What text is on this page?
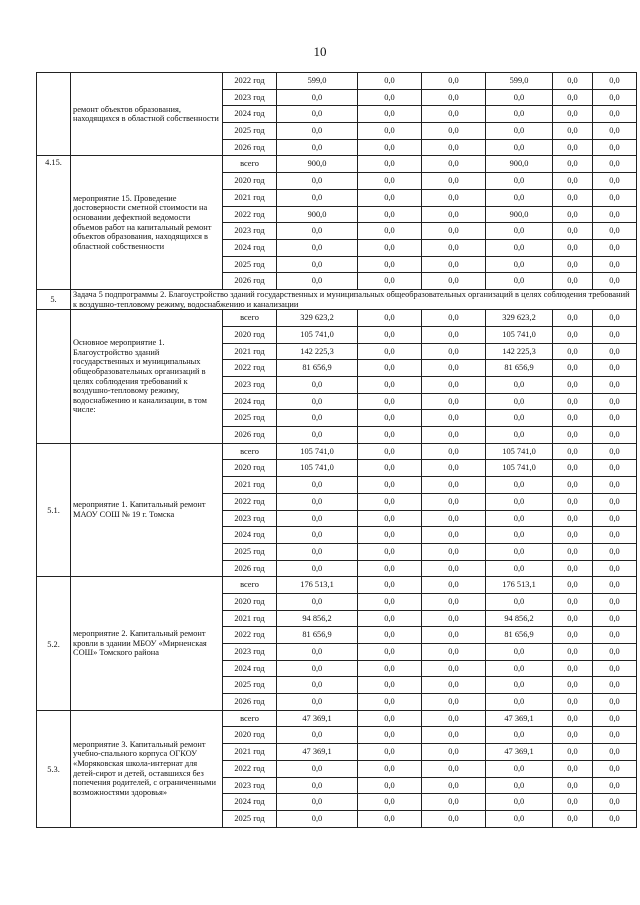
10
	ремонт объектов образования, находящихся в областной собственности	2022 год	599,0	0,0	0,0	599,0	0,0	0,0
		2023 год	0,0	0,0	0,0	0,0	0,0	0,0
		2024 год	0,0	0,0	0,0	0,0	0,0	0,0
		2025 год	0,0	0,0	0,0	0,0	0,0	0,0
		2026 год	0,0	0,0	0,0	0,0	0,0	0,0
4.15.	мероприятие 15. Проведение достоверности сметной стоимости на основании дефектной ведомости объемов работ на капитальный ремонт объектов образования, находящихся в областной собственности	всего	900,0	0,0	0,0	900,0	0,0	0,0
		2020 год	0,0	0,0	0,0	0,0	0,0	0,0
		2021 год	0,0	0,0	0,0	0,0	0,0	0,0
		2022 год	900,0	0,0	0,0	900,0	0,0	0,0
		2023 год	0,0	0,0	0,0	0,0	0,0	0,0
		2024 год	0,0	0,0	0,0	0,0	0,0	0,0
		2025 год	0,0	0,0	0,0	0,0	0,0	0,0
		2026 год	0,0	0,0	0,0	0,0	0,0	0,0
5.	Задача 5 подпрограммы 2. Благоустройство зданий государственных и муниципальных общеобразовательных организаций в целях соблюдения требований к воздушно-тепловому режиму, водоснабжению и канализации							
	Основное мероприятие 1. Благоустройство зданий государственных и муниципальных общеобразовательных организаций в целях соблюдения требований к воздушно-тепловому режиму, водоснабжению и канализации, в том числе:	всего	329 623,2	0,0	0,0	329 623,2	0,0	0,0
		2020 год	105 741,0	0,0	0,0	105 741,0	0,0	0,0
		2021 год	142 225,3	0,0	0,0	142 225,3	0,0	0,0
		2022 год	81 656,9	0,0	0,0	81 656,9	0,0	0,0
		2023 год	0,0	0,0	0,0	0,0	0,0	0,0
		2024 год	0,0	0,0	0,0	0,0	0,0	0,0
		2025 год	0,0	0,0	0,0	0,0	0,0	0,0
		2026 год	0,0	0,0	0,0	0,0	0,0	0,0
5.1.	мероприятие 1. Капитальный ремонт МАОУ СОШ № 19 г. Томска	всего	105 741,0	0,0	0,0	105 741,0	0,0	0,0
		2020 год	105 741,0	0,0	0,0	105 741,0	0,0	0,0
		2021 год	0,0	0,0	0,0	0,0	0,0	0,0
		2022 год	0,0	0,0	0,0	0,0	0,0	0,0
		2023 год	0,0	0,0	0,0	0,0	0,0	0,0
		2024 год	0,0	0,0	0,0	0,0	0,0	0,0
		2025 год	0,0	0,0	0,0	0,0	0,0	0,0
		2026 год	0,0	0,0	0,0	0,0	0,0	0,0
5.2.	мероприятие 2. Капитальный ремонт кровли в здании МБОУ «Мирненская СОШ» Томского района	всего	176 513,1	0,0	0,0	176 513,1	0,0	0,0
		2020 год	0,0	0,0	0,0	0,0	0,0	0,0
		2021 год	94 856,2	0,0	0,0	94 856,2	0,0	0,0
		2022 год	81 656,9	0,0	0,0	81 656,9	0,0	0,0
		2023 год	0,0	0,0	0,0	0,0	0,0	0,0
		2024 год	0,0	0,0	0,0	0,0	0,0	0,0
		2025 год	0,0	0,0	0,0	0,0	0,0	0,0
		2026 год	0,0	0,0	0,0	0,0	0,0	0,0
5.3.	мероприятие 3. Капитальный ремонт учебно-спального корпуса ОГКОУ «Моряковская школа-интернат для детей-сирот и детей, оставшихся без попечения родителей, с ограниченными возможностями здоровья»	всего	47 369,1	0,0	0,0	47 369,1	0,0	0,0
		2020 год	0,0	0,0	0,0	0,0	0,0	0,0
		2021 год	47 369,1	0,0	0,0	47 369,1	0,0	0,0
		2022 год	0,0	0,0	0,0	0,0	0,0	0,0
		2023 год	0,0	0,0	0,0	0,0	0,0	0,0
		2024 год	0,0	0,0	0,0	0,0	0,0	0,0
		2025 год	0,0	0,0	0,0	0,0	0,0	0,0
